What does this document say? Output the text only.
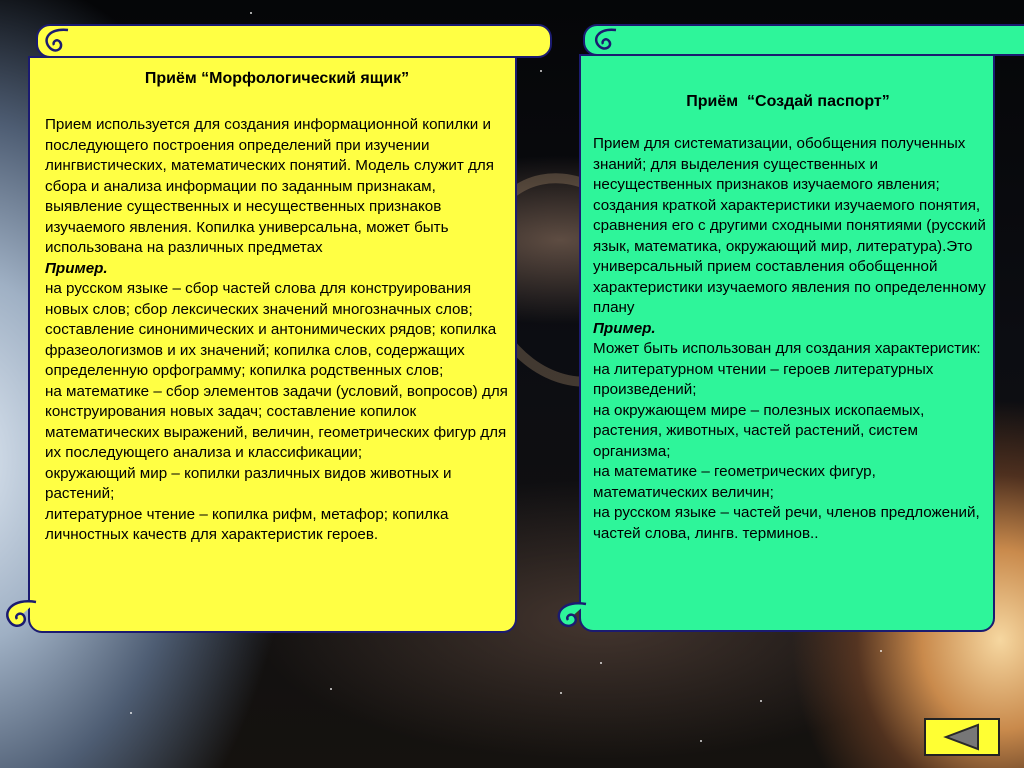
Приём “Морфологический ящик”

Прием используется для создания информационной копилки и последующего построения определений при изучении лингвистических, математических понятий. Модель служит для сбора и анализа информации по заданным признакам, выявление существенных и несущественных признаков изучаемого явления. Копилка универсальна, может быть использована на различных предметах

Пример.

на русском языке – сбор частей слова для конструирования новых слов; сбор лексических значений многозначных слов; составление синонимических и антонимических рядов; копилка фразеологизмов и их значений; копилка слов, содержащих определенную орфограмму; копилка родственных слов;

на математике – сбор элементов задачи (условий, вопросов) для конструирования новых задач; составление копилок математических выражений, величин, геометрических фигур для их последующего анализа и классификации;

окружающий мир – копилки различных видов животных и растений;

литературное чтение – копилка рифм, метафор; копилка личностных качеств для характеристик героев.

Приём  “Создай паспорт”

Прием для систематизации, обобщения полученных знаний; для выделения существенных и несущественных признаков изучаемого явления; создания краткой характеристики изучаемого понятия, сравнения его с другими сходными понятиями (русский язык, математика, окружающий мир, литература).Это универсальный прием составления обобщенной характеристики изучаемого явления по определенному плану

Пример.

Может быть использован для создания характеристик:

на литературном чтении – героев литературных произведений;

на окружающем мире – полезных ископаемых, растения, животных, частей растений, систем организма;

на математике – геометрических фигур, математических величин;

на русском языке – частей речи, членов предложений, частей слова, лингв. терминов..
